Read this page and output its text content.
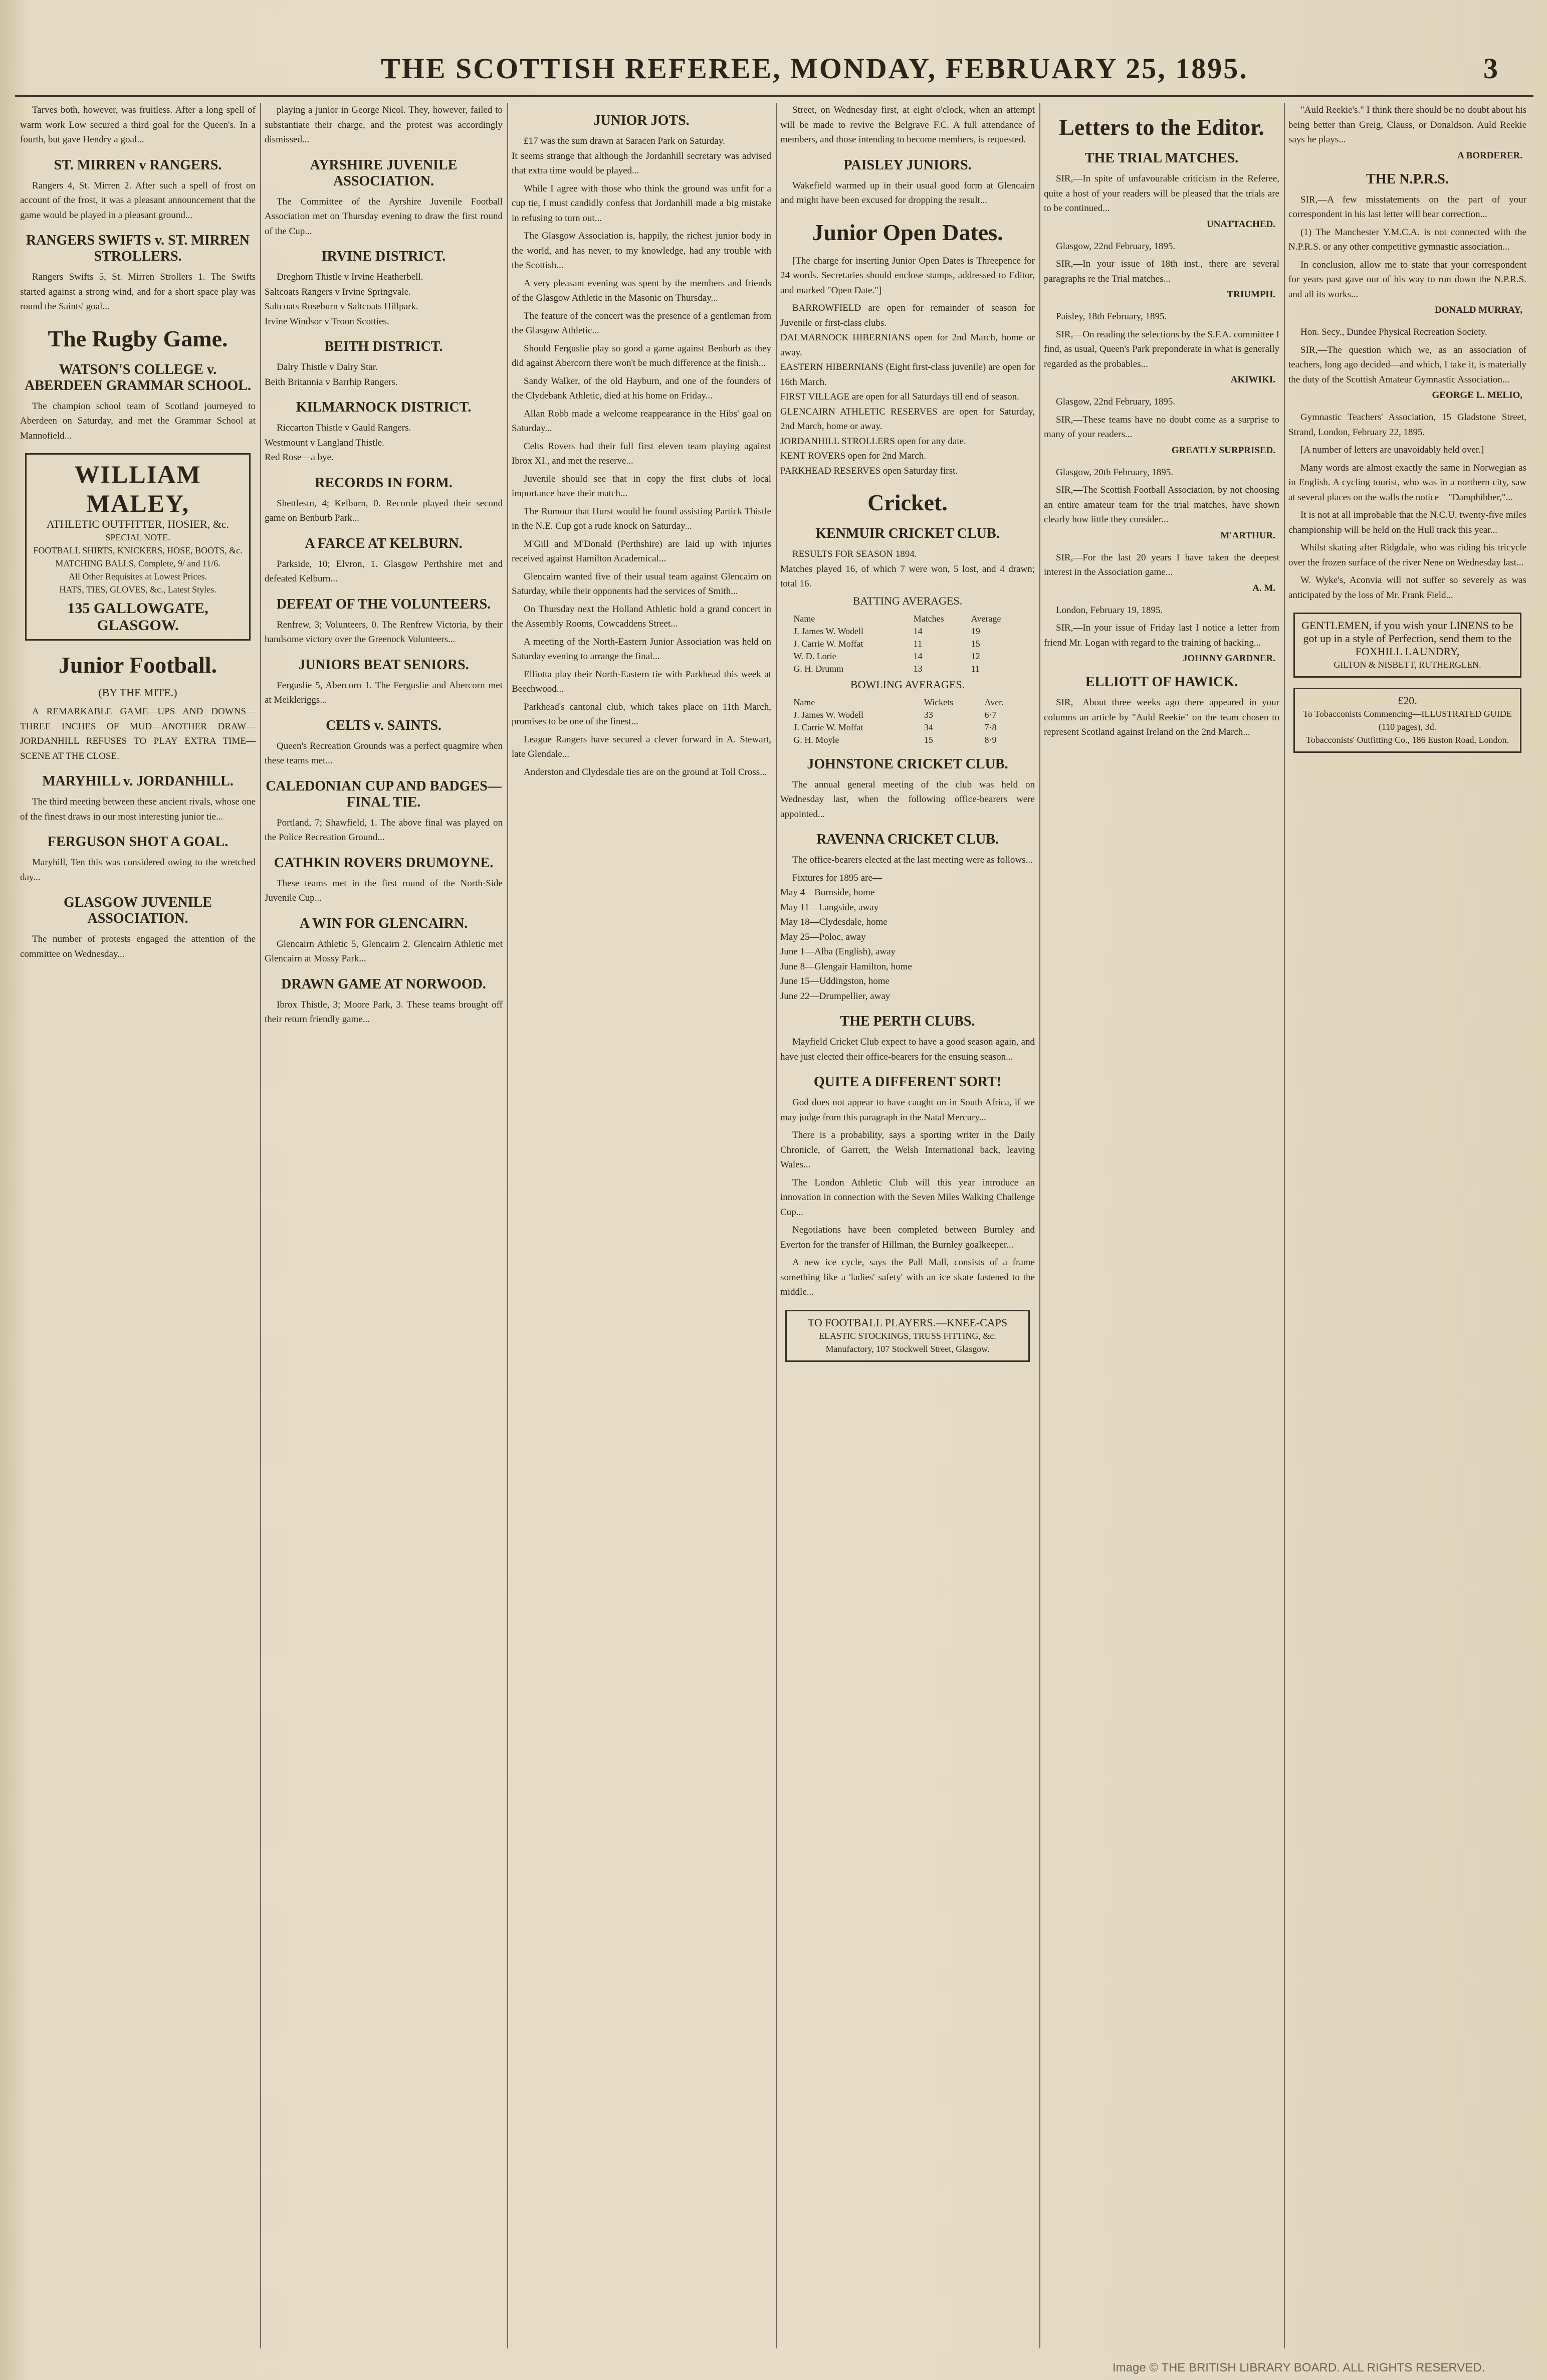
THE SCOTTISH REFEREE, MONDAY, FEBRUARY 25, 1895.	3

Tarves both, however, was fruitless. After a long spell of warm work Low secured a third goal for the Queen's. In a fourth, but gave Hendry a goal...

ST. MIRREN v RANGERS.

Rangers 4, St. Mirren 2. After such a spell of frost on account of the frost, it was a pleasant announcement that the game would be played in a pleasant ground...

RANGERS SWIFTS v. ST. MIRREN STROLLERS.

Rangers Swifts 5, St. Mirren Strollers 1. The Swifts started against a strong wind, and for a short space play was round the Saints' goal...

The Rugby Game.
WATSON'S COLLEGE v. ABERDEEN GRAMMAR SCHOOL.

The champion school team of Scotland journeyed to Aberdeen on Saturday, and met the Grammar School at Mannofield...

WILLIAM MALEY,
ATHLETIC OUTFITTER, HOSIER, &c.
SPECIAL NOTE.
FOOTBALL SHIRTS, KNICKERS, HOSE, BOOTS, &c.
MATCHING BALLS, Complete, 9/ and 11/6.
All Other Requisites at Lowest Prices.
HATS, TIES, GLOVES, &c., Latest Styles.
135 GALLOWGATE, GLASGOW.
Junior Football.
(BY THE MITE.)

A REMARKABLE GAME—UPS AND DOWNS—THREE INCHES OF MUD—ANOTHER DRAW—JORDANHILL REFUSES TO PLAY EXTRA TIME—SCENE AT THE CLOSE.

MARYHILL v. JORDANHILL.

The third meeting between these ancient rivals, whose one of the finest draws in our most interesting junior tie...

FERGUSON SHOT A GOAL.

Maryhill, Ten this was considered owing to the wretched day...

GLASGOW JUVENILE ASSOCIATION.

The number of protests engaged the attention of the committee on Wednesday...

playing a junior in George Nicol. They, however, failed to substantiate their charge, and the protest was accordingly dismissed...

AYRSHIRE JUVENILE ASSOCIATION.

The Committee of the Ayrshire Juvenile Football Association met on Thursday evening to draw the first round of the Cup...

IRVINE DISTRICT.

Dreghorn Thistle v Irvine Heatherbell.
Saltcoats Rangers v Irvine Springvale.
Saltcoats Roseburn v Saltcoats Hillpark.
Irvine Windsor v Troon Scotties.

BEITH DISTRICT.

Dalry Thistle v Dalry Star.
Beith Britannia v Barrhip Rangers.

KILMARNOCK DISTRICT.

Riccarton Thistle v Gauld Rangers.
Westmount v Langland Thistle.
Red Rose—a bye.

RECORDS IN FORM.

Shettlestn, 4; Kelburn, 0. Recorde played their second game on Benburb Park...

A FARCE AT KELBURN.

Parkside, 10; Elvron, 1. Glasgow Perthshire met and defeated Kelburn...

DEFEAT OF THE VOLUNTEERS.

Renfrew, 3; Volunteers, 0. The Renfrew Victoria, by their handsome victory over the Greenock Volunteers...

JUNIORS BEAT SENIORS.

Ferguslie 5, Abercorn 1. The Ferguslie and Abercorn met at Meikleriggs...

CELTS v. SAINTS.

Queen's Recreation Grounds was a perfect quagmire when these teams met...

CALEDONIAN CUP AND BADGES—FINAL TIE.

Portland, 7; Shawfield, 1. The above final was played on the Police Recreation Ground...

CATHKIN ROVERS DRUMOYNE.

These teams met in the first round of the North-Side Juvenile Cup...

A WIN FOR GLENCAIRN.

Glencairn Athletic 5, Glencairn 2. Glencairn Athletic met Glencairn at Mossy Park...

DRAWN GAME AT NORWOOD.

Ibrox Thistle, 3; Moore Park, 3. These teams brought off their return friendly game...

JUNIOR JOTS.

£17 was the sum drawn at Saracen Park on Saturday.
It seems strange that although the Jordanhill secretary was advised that extra time would be played...

While I agree with those who think the ground was unfit for a cup tie, I must candidly confess that Jordanhill made a big mistake in refusing to turn out...

The Glasgow Association is, happily, the richest junior body in the world, and has never, to my knowledge, had any trouble with the Scottish...

A very pleasant evening was spent by the members and friends of the Glasgow Athletic in the Masonic on Thursday...

The feature of the concert was the presence of a gentleman from the Glasgow Athletic...

Should Ferguslie play so good a game against Benburb as they did against Abercorn there won't be much difference at the finish...

Sandy Walker, of the old Hayburn, and one of the founders of the Clydebank Athletic, died at his home on Friday...

Allan Robb made a welcome reappearance in the Hibs' goal on Saturday...

Celts Rovers had their full first eleven team playing against Ibrox XI., and met the reserve...

Juvenile should see that in copy the first clubs of local importance have their match...

The Rumour that Hurst would be found assisting Partick Thistle in the N.E. Cup got a rude knock on Saturday...

M'Gill and M'Donald (Perthshire) are laid up with injuries received against Hamilton Academical...

Glencairn wanted five of their usual team against Glencairn on Saturday, while their opponents had the services of Smith...

On Thursday next the Holland Athletic hold a grand concert in the Assembly Rooms, Cowcaddens Street...

A meeting of the North-Eastern Junior Association was held on Saturday evening to arrange the final...

Elliotta play their North-Eastern tie with Parkhead this week at Beechwood...

Parkhead's cantonal club, which takes place on 11th March, promises to be one of the finest...

League Rangers have secured a clever forward in A. Stewart, late Glendale...

Anderston and Clydesdale ties are on the ground at Toll Cross...

Street, on Wednesday first, at eight o'clock, when an attempt will be made to revive the Belgrave F.C. A full attendance of members, and those intending to become members, is requested.

PAISLEY JUNIORS.

Wakefield warmed up in their usual good form at Glencairn and might have been excused for dropping the result...

Junior Open Dates.

[The charge for inserting Junior Open Dates is Threepence for 24 words. Secretaries should enclose stamps, addressed to Editor, and marked "Open Date."]

BARROWFIELD are open for remainder of season for Juvenile or first-class clubs.
DALMARNOCK HIBERNIANS open for 2nd March, home or away.
EASTERN HIBERNIANS (Eight first-class juvenile) are open for 16th March.
FIRST VILLAGE are open for all Saturdays till end of season.
GLENCAIRN ATHLETIC RESERVES are open for Saturday, 2nd March, home or away.
JORDANHILL STROLLERS open for any date.
KENT ROVERS open for 2nd March.
PARKHEAD RESERVES open Saturday first.

Cricket.
KENMUIR CRICKET CLUB.

RESULTS FOR SEASON 1894.
Matches played 16, of which 7 were won, 5 lost, and 4 drawn; total 16.

BATTING AVERAGES.
Name	Matches	Average
J. James W. Wodell	14	19
J. Carrie W. Moffat	11	15
W. D. Lorie	14	12
G. H. Drumm	13	11
BOWLING AVERAGES.
Name	Wickets	Aver.
J. James W. Wodell	33	6·7
J. Carrie W. Moffat	34	7·8
G. H. Moyle	15	8·9
JOHNSTONE CRICKET CLUB.

The annual general meeting of the club was held on Wednesday last, when the following office-bearers were appointed...

RAVENNA CRICKET CLUB.

The office-bearers elected at the last meeting were as follows...

Fixtures for 1895 are—
May 4—Burnside, home
May 11—Langside, away
May 18—Clydesdale, home
May 25—Poloc, away
June 1—Alba (English), away
June 8—Glengair Hamilton, home
June 15—Uddingston, home
June 22—Drumpellier, away

THE PERTH CLUBS.

Mayfield Cricket Club expect to have a good season again, and have just elected their office-bearers for the ensuing season...

QUITE A DIFFERENT SORT!

God does not appear to have caught on in South Africa, if we may judge from this paragraph in the Natal Mercury...

There is a probability, says a sporting writer in the Daily Chronicle, of Garrett, the Welsh International back, leaving Wales...

The London Athletic Club will this year introduce an innovation in connection with the Seven Miles Walking Challenge Cup...

Negotiations have been completed between Burnley and Everton for the transfer of Hillman, the Burnley goalkeeper...

A new ice cycle, says the Pall Mall, consists of a frame something like a 'ladies' safety' with an ice skate fastened to the middle...

TO FOOTBALL PLAYERS.—KNEE-CAPS
ELASTIC STOCKINGS, TRUSS FITTING, &c.
Manufactory, 107 Stockwell Street, Glasgow.
Letters to the Editor.
THE TRIAL MATCHES.

SIR,—In spite of unfavourable criticism in the Referee, quite a host of your readers will be pleased that the trials are to be continued...

UNATTACHED.

Glasgow, 22nd February, 1895.

SIR,—In your issue of 18th inst., there are several paragraphs re the Trial matches...

TRIUMPH.

Paisley, 18th February, 1895.

SIR,—On reading the selections by the S.F.A. committee I find, as usual, Queen's Park preponderate in what is generally regarded as the probables...

AKIWIKI.

Glasgow, 22nd February, 1895.

SIR,—These teams have no doubt come as a surprise to many of your readers...

GREATLY SURPRISED.

Glasgow, 20th February, 1895.

SIR,—The Scottish Football Association, by not choosing an entire amateur team for the trial matches, have shown clearly how little they consider...

M'ARTHUR.

SIR,—For the last 20 years I have taken the deepest interest in the Association game...

A. M.

London, February 19, 1895.

SIR,—In your issue of Friday last I notice a letter from friend Mr. Logan with regard to the training of hacking...

JOHNNY GARDNER.
ELLIOTT OF HAWICK.

SIR,—About three weeks ago there appeared in your columns an article by "Auld Reekie" on the team chosen to represent Scotland against Ireland on the 2nd March...

"Auld Reekie's." I think there should be no doubt about his being better than Greig, Clauss, or Donaldson. Auld Reekie says he plays...

A BORDERER.
THE N.P.R.S.

SIR,—A few misstatements on the part of your correspondent in his last letter will bear correction...

(1) The Manchester Y.M.C.A. is not connected with the N.P.R.S. or any other competitive gymnastic association...

In conclusion, allow me to state that your correspondent for years past gave our of his way to run down the N.P.R.S. and all its works...

DONALD MURRAY,

Hon. Secy., Dundee Physical Recreation Society.

SIR,—The question which we, as an association of teachers, long ago decided—and which, I take it, is materially the duty of the Scottish Amateur Gymnastic Association...

GEORGE L. MELIO,

Gymnastic Teachers' Association, 15 Gladstone Street, Strand, London, February 22, 1895.

[A number of letters are unavoidably held over.]

Many words are almost exactly the same in Norwegian as in English. A cycling tourist, who was in a northern city, saw at several places on the walls the notice—"Damphibber,"...

It is not at all improbable that the N.C.U. twenty-five miles championship will be held on the Hull track this year...

Whilst skating after Ridgdale, who was riding his tricycle over the frozen surface of the river Nene on Wednesday last...

W. Wyke's, Aconvia will not suffer so severely as was anticipated by the loss of Mr. Frank Field...

GENTLEMEN, if you wish your LINENS to be got up in a style of Perfection, send them to the FOXHILL LAUNDRY,
GILTON & NISBETT, RUTHERGLEN.
£20.
To Tobacconists Commencing—ILLUSTRATED GUIDE (110 pages), 3d.
Tobacconists' Outfitting Co., 186 Euston Road, London.
Image © THE BRITISH LIBRARY BOARD. ALL RIGHTS RESERVED.
